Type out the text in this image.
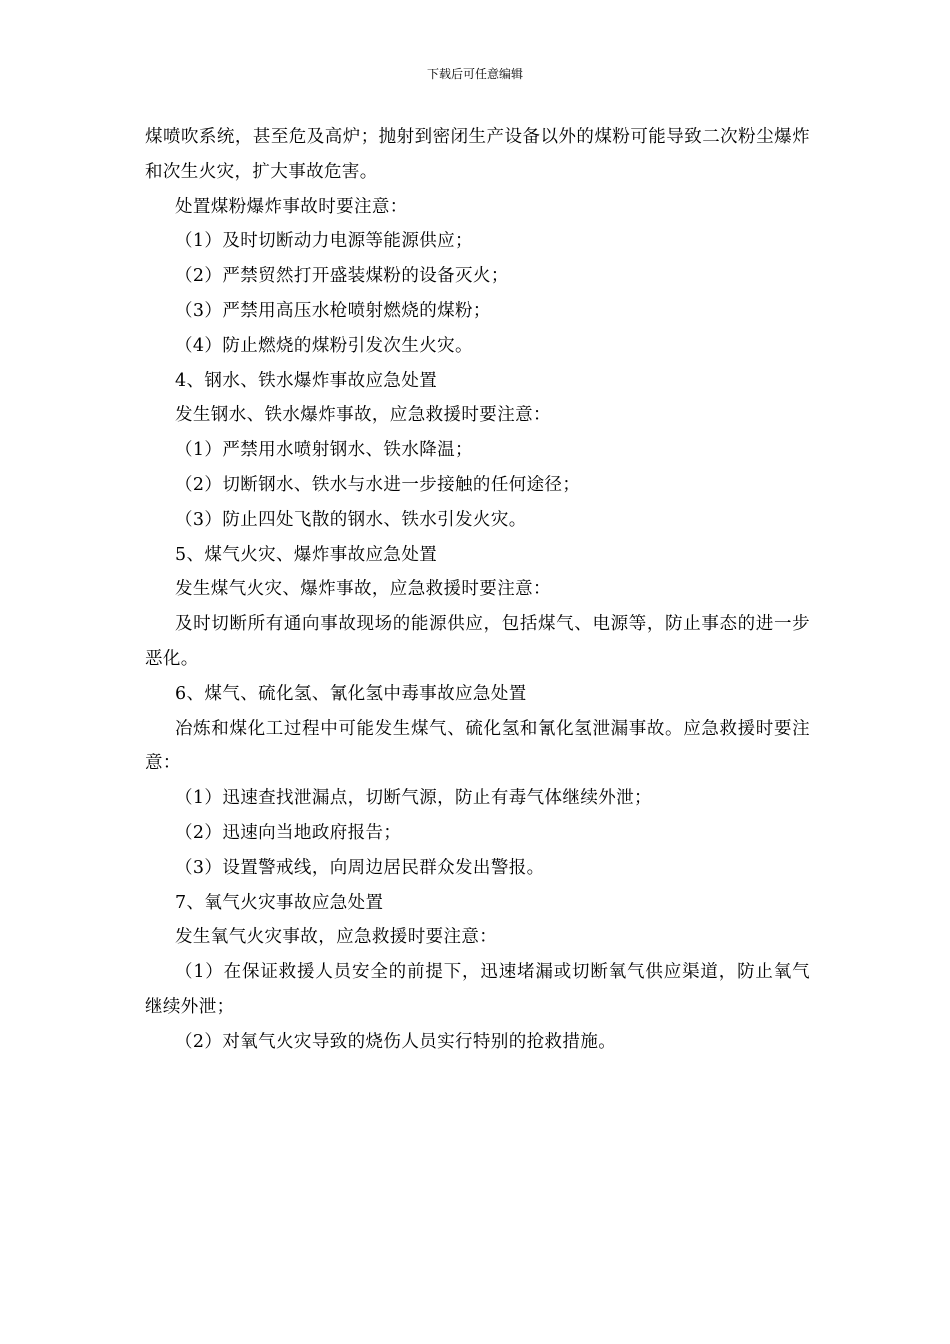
下载后可任意编辑

煤喷吹系统，甚至危及高炉；抛射到密闭生产设备以外的煤粉可能导致二次粉尘爆炸和次生火灾，扩大事故危害。

处置煤粉爆炸事故时要注意：

（1）及时切断动力电源等能源供应；

（2）严禁贸然打开盛装煤粉的设备灭火；

（3）严禁用高压水枪喷射燃烧的煤粉；

（4）防止燃烧的煤粉引发次生火灾。

4、钢水、铁水爆炸事故应急处置

发生钢水、铁水爆炸事故，应急救援时要注意：

（1）严禁用水喷射钢水、铁水降温；

（2）切断钢水、铁水与水进一步接触的任何途径；

（3）防止四处飞散的钢水、铁水引发火灾。

5、煤气火灾、爆炸事故应急处置

发生煤气火灾、爆炸事故，应急救援时要注意：

及时切断所有通向事故现场的能源供应，包括煤气、电源等，防止事态的进一步恶化。

6、煤气、硫化氢、氰化氢中毒事故应急处置

冶炼和煤化工过程中可能发生煤气、硫化氢和氰化氢泄漏事故。应急救援时要注意：

（1）迅速查找泄漏点，切断气源，防止有毒气体继续外泄；

（2）迅速向当地政府报告；

（3）设置警戒线，向周边居民群众发出警报。

7、氧气火灾事故应急处置

发生氧气火灾事故，应急救援时要注意：

（1）在保证救援人员安全的前提下，迅速堵漏或切断氧气供应渠道，防止氧气继续外泄；

（2）对氧气火灾导致的烧伤人员实行特别的抢救措施。
